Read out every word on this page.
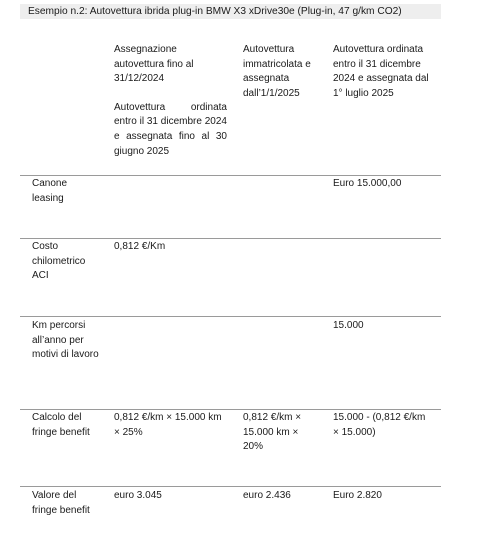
Esempio n.2: Autovettura ibrida plug-in BMW X3 xDrive30e (Plug-in, 47 g/km CO2)

Assegnazione autovettura fino al 31/12/2024

Autovettura ordinata entro il 31 dicembre 2024 e assegnata fino al 30 giugno 2025

Autovettura immatricolata e assegnata dall’1/1/2025
Autovettura ordinata entro il 31 dicembre 2024 e assegnata dal 1° luglio 2025
Canone leasing
Euro 15.000,00
Costo chilometrico ACI
0,812 €/Km
Km percorsi all’anno per motivi di lavoro
15.000
Calcolo del fringe benefit
0,812 €/km × 15.000 km × 25%
0,812 €/km × 15.000 km × 20%
15.000 - (0,812 €/km × 15.000)
Valore del fringe benefit
euro 3.045	euro 2.436	Euro 2.820
